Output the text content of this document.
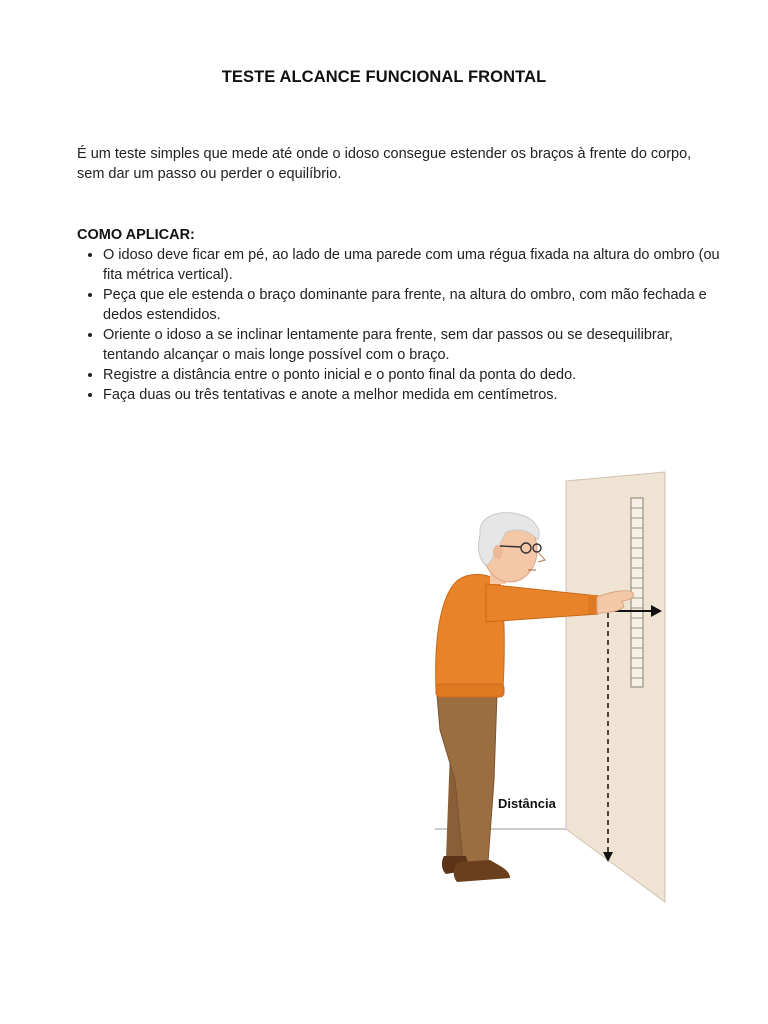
TESTE ALCANCE FUNCIONAL FRONTAL

É um teste simples que mede até onde o idoso consegue estender os braços à frente do corpo, sem dar um passo ou perder o equilíbrio.

COMO APLICAR:
• O idoso deve ficar em pé, ao lado de uma parede com uma régua fixada na altura do ombro (ou fita métrica vertical).
• Peça que ele estenda o braço dominante para frente, na altura do ombro, com mão fechada e dedos estendidos.
• Oriente o idoso a se inclinar lentamente para frente, sem dar passos ou se desequilibrar, tentando alcançar o mais longe possível com o braço.
• Registre a distância entre o ponto inicial e o ponto final da ponta do dedo.
• Faça duas ou três tentativas e anote a melhor medida em centímetros.
Distância
